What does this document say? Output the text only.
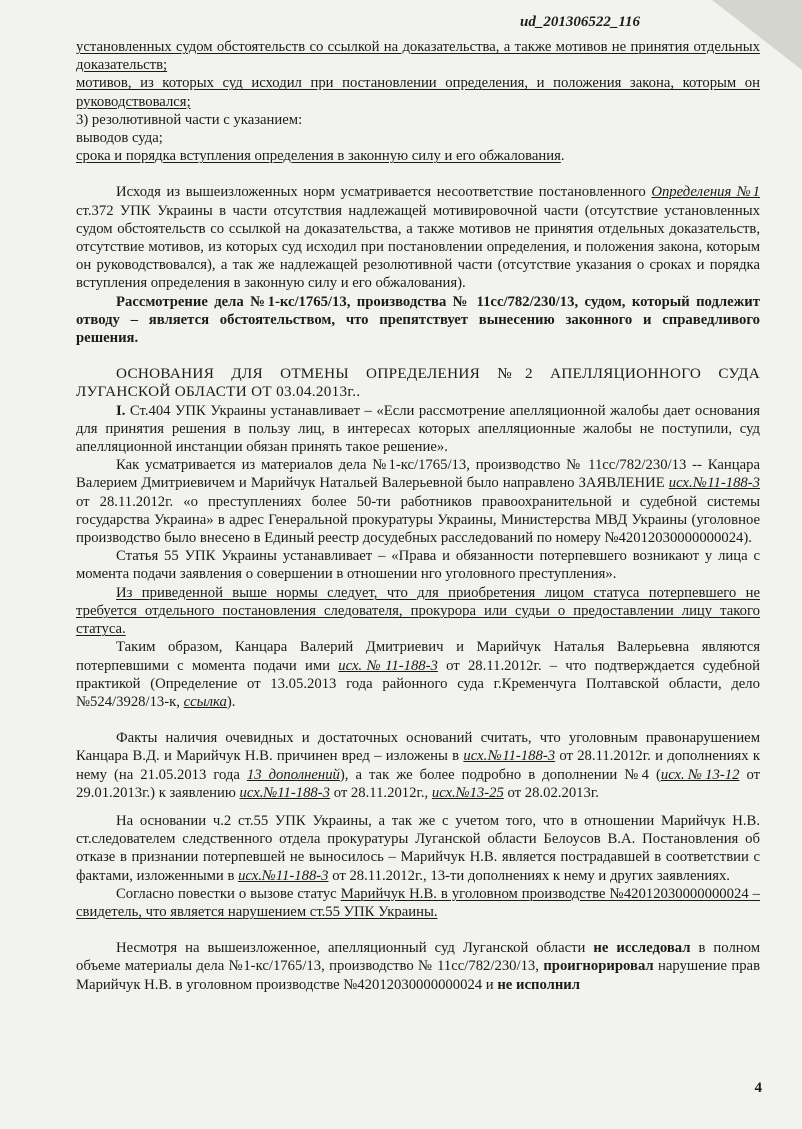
ud_201306522_116

установленных судом обстоятельств со ссылкой на доказательства, а также мотивов не принятия отдельных доказательств;

мотивов, из которых суд исходил при постановлении определения, и положения закона, которым он руководствовался;

3) резолютивной части с указанием:

выводов суда;

срока и порядка вступления определения в законную силу и его обжалования.

Исходя из вышеизложенных норм усматривается несоответствие постановленного Определения №1 ст.372 УПК Украины в части отсутствия надлежащей мотивировочной части (отсутствие установленных судом обстоятельств со ссылкой на доказательства, а также мотивов не принятия отдельных доказательств, отсутствие мотивов, из которых суд исходил при постановлении определения, и положения закона, которым он руководствовался), а так же надлежащей резолютивной части (отсутствие указания о сроках и порядка вступления определения в законную силу и его обжалования).

Рассмотрение дела №1-кс/1765/13, производства № 11сс/782/230/13, судом, который подлежит отводу – является обстоятельством, что препятствует вынесению законного и справедливого решения.

ОСНОВАНИЯ ДЛЯ ОТМЕНЫ ОПРЕДЕЛЕНИЯ №2 АПЕЛЛЯЦИОННОГО СУДА ЛУГАНСКОЙ ОБЛАСТИ ОТ 03.04.2013г..

I. Ст.404 УПК Украины устанавливает – «Если рассмотрение апелляционной жалобы дает основания для принятия решения в пользу лиц, в интересах которых апелляционные жалобы не поступили, суд апелляционной инстанции обязан принять такое решение».

Как усматривается из материалов дела №1-кс/1765/13, производство № 11сс/782/230/13 -- Канцара Валерием Дмитриевичем и Марийчук Натальей Валерьевной было направлено ЗАЯВЛЕНИЕ исх.№11-188-3 от 28.11.2012г. «о преступлениях более 50-ти работников правоохранительной и судебной системы государства Украина» в адрес Генеральной прокуратуры Украины, Министерства МВД Украины (уголовное производство было внесено в Единый реестр досудебных расследований по номеру №42012030000000024).

Статья 55 УПК Украины устанавливает – «Права и обязанности потерпевшего возникают у лица с момента подачи заявления о совершении в отношении нго уголовного преступления».

Из приведенной выше нормы следует, что для приобретения лицом статуса потерпевшего не требуется отдельного постановления следователя, прокурора или судьи о предоставлении лицу такого статуса.

Таким образом, Канцара Валерий Дмитриевич и Марийчук Наталья Валерьевна являются потерпевшими с момента подачи ими исх.№11-188-3 от 28.11.2012г. – что подтверждается судебной практикой (Определение от 13.05.2013 года районного суда г.Кременчуга Полтавской области, дело №524/3928/13-к, ссылка).

Факты наличия очевидных и достаточных оснований считать, что уголовным правонарушением Канцара В.Д. и Марийчук Н.В. причинен вред – изложены в исх.№11-188-3 от 28.11.2012г. и дополнениях к нему (на 21.05.2013 года 13 дополнений), а так же более подробно в дополнении №4 (исх.№13-12 от 29.01.2013г.) к заявлению исх.№11-188-3 от 28.11.2012г., исх.№13-25 от 28.02.2013г.

На основании ч.2 ст.55 УПК Украины, а так же с учетом того, что в отношении Марийчук Н.В. ст.следователем следственного отдела прокуратуры Луганской области Белоусов В.А. Постановления об отказе в признании потерпевшей не выносилось – Марийчук Н.В. является пострадавшей в соответствии с фактами, изложенными в исх.№11-188-3 от 28.11.2012г., 13-ти дополнениях к нему и других заявлениях.

Согласно повестки о вызове статус Марийчук Н.В. в уголовном производстве №42012030000000024 – свидетель, что является нарушением ст.55 УПК Украины.

Несмотря на вышеизложенное, апелляционный суд Луганской области не исследовал в полном объеме материалы дела №1-кс/1765/13, производство № 11сс/782/230/13, проигнорировал нарушение прав Марийчук Н.В. в уголовном производстве №42012030000000024 и не исполнил

4
